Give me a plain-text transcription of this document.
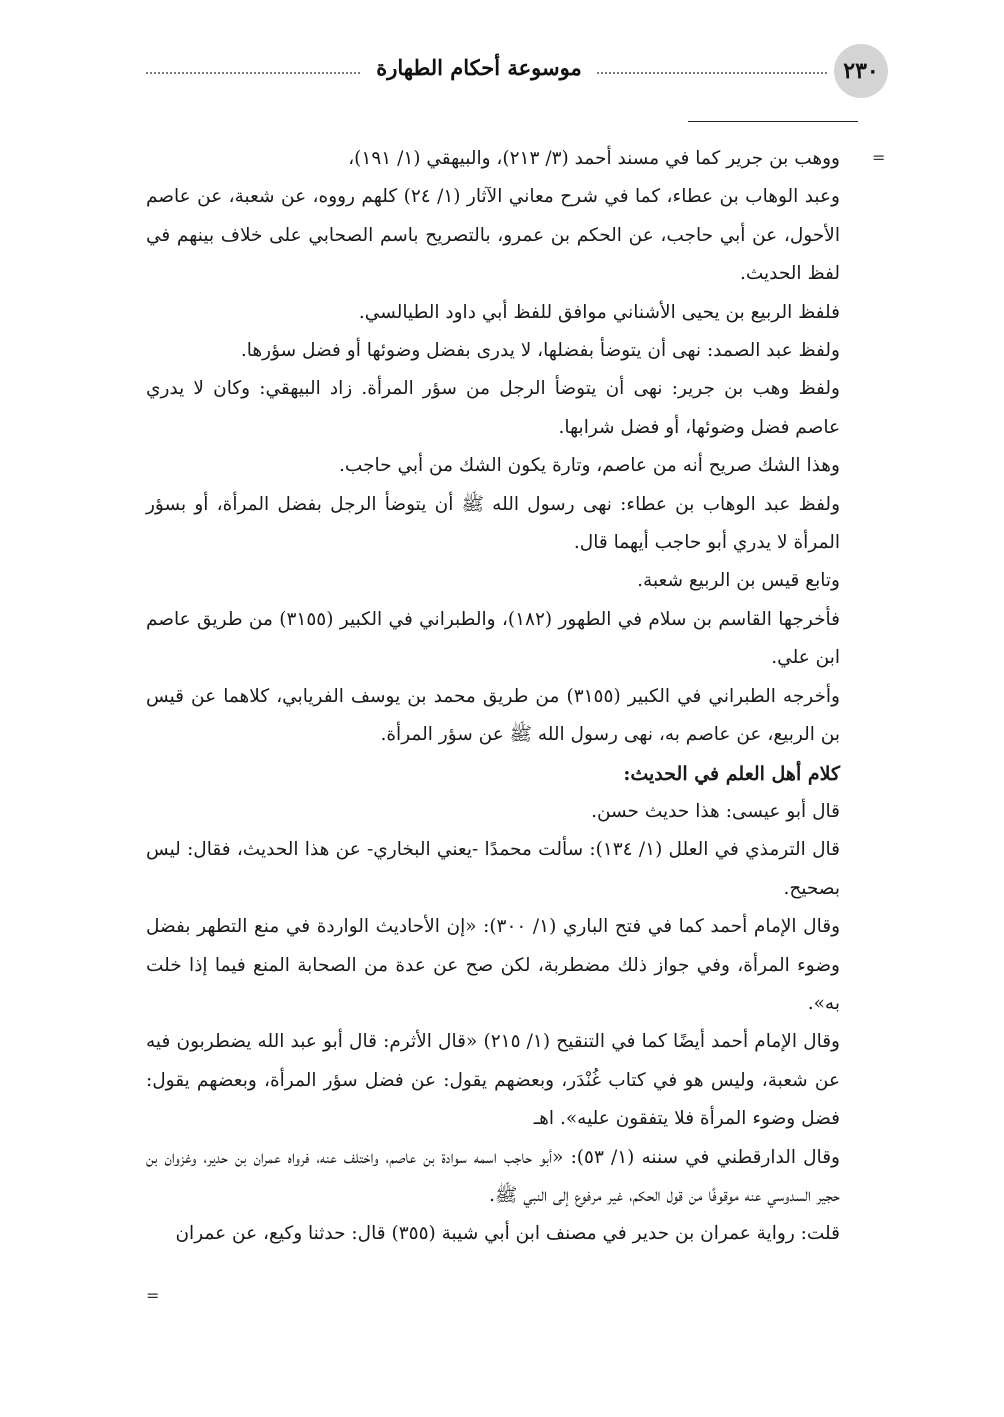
٢٣٠
موسوعة أحكام الطهارة
=

ووهب بن جرير كما في مسند أحمد (٣/ ٢١٣)، والبيهقي (١/ ١٩١)،

وعبد الوهاب بن عطاء، كما في شرح معاني الآثار (١/ ٢٤) كلهم رووه، عن شعبة، عن عاصم الأحول، عن أبي حاجب، عن الحكم بن عمرو، بالتصريح باسم الصحابي على خلاف بينهم في لفظ الحديث.

فلفظ الربيع بن يحيى الأشناني موافق للفظ أبي داود الطيالسي.

ولفظ عبد الصمد: نهى أن يتوضأ بفضلها، لا يدرى بفضل وضوئها أو فضل سؤرها.

ولفظ وهب بن جرير: نهى أن يتوضأ الرجل من سؤر المرأة. زاد البيهقي: وكان لا يدري عاصم فضل وضوئها، أو فضل شرابها.

وهذا الشك صريح أنه من عاصم، وتارة يكون الشك من أبي حاجب.

ولفظ عبد الوهاب بن عطاء: نهى رسول الله ﷺ أن يتوضأ الرجل بفضل المرأة، أو بسؤر المرأة لا يدري أبو حاجب أيهما قال.

وتابع قيس بن الربيع شعبة.

فأخرجها القاسم بن سلام في الطهور (١٨٢)، والطبراني في الكبير (٣١٥٥) من طريق عاصم ابن علي.

وأخرجه الطبراني في الكبير (٣١٥٥) من طريق محمد بن يوسف الفريابي، كلاهما عن قيس بن الربيع، عن عاصم به، نهى رسول الله ﷺ عن سؤر المرأة.

كلام أهل العلم في الحديث:

قال أبو عيسى: هذا حديث حسن.

قال الترمذي في العلل (١/ ١٣٤): سألت محمدًا -يعني البخاري- عن هذا الحديث، فقال: ليس بصحيح.

وقال الإمام أحمد كما في فتح الباري (١/ ٣٠٠): «إن الأحاديث الواردة في منع التطهر بفضل وضوء المرأة، وفي جواز ذلك مضطربة، لكن صح عن عدة من الصحابة المنع فيما إذا خلت به».

وقال الإمام أحمد أيضًا كما في التنقيح (١/ ٢١٥) «قال الأثرم: قال أبو عبد الله يضطربون فيه عن شعبة، وليس هو في كتاب غُنْدَر، وبعضهم يقول: عن فضل سؤر المرأة، وبعضهم يقول: فضل وضوء المرأة فلا يتفقون عليه». اهـ

وقال الدارقطني في سننه (١/ ٥٣): «أبو حاجب اسمه سوادة بن عاصم، واختلف عنه، فرواه عمران بن حدير، وغزوان بن حجير السدوسي عنه موقوفًا من قول الحكم، غير مرفوع إلى النبي ﷺ.

قلت: رواية عمران بن حدير في مصنف ابن أبي شيبة (٣٥٥) قال: حدثنا وكيع، عن عمران

=
